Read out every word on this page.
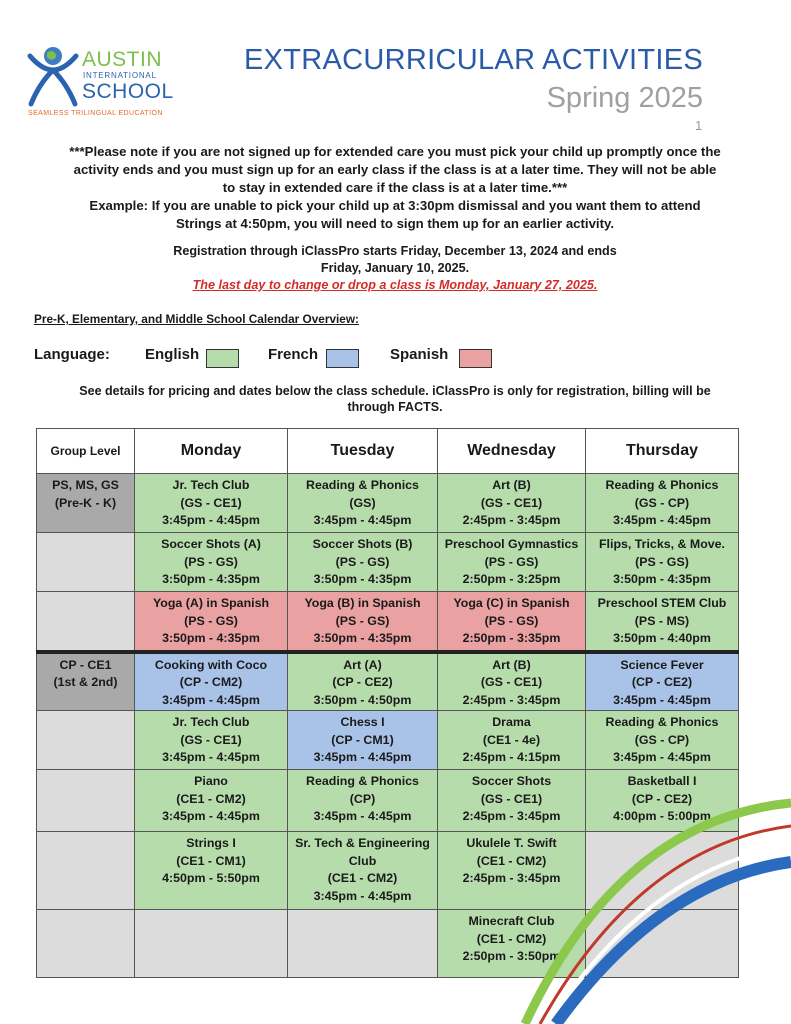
AUSTIN
INTERNATIONAL
SCHOOL
SEAMLESS TRILINGUAL EDUCATION
EXTRACURRICULAR ACTIVITIES
Spring 2025
1
***Please note if you are not signed up for extended care you must pick your child up promptly once the
activity ends and you must sign up for an early class if the class is at a later time. They will not be able
to stay in extended care if the class is at a later time.***
Example: If you are unable to pick your child up at 3:30pm dismissal and you want them to attend
Strings at 4:50pm, you will need to sign them up for an earlier activity.
Registration through iClassPro starts Friday, December 13, 2024 and ends
Friday, January 10, 2025.
The last day to change or drop a class is Monday, January 27, 2025.
Pre-K, Elementary, and Middle School Calendar Overview:
Language: English	French	Spanish
See details for pricing and dates below the class schedule. iClassPro is only for registration, billing will be
through FACTS.
Group Level	Monday	Tuesday	Wednesday	Thursday

PS, MS, GS
(Pre-K - K)	Jr. Tech Club
(GS - CE1)
3:45pm - 4:45pm	Reading & Phonics
(GS)
3:45pm - 4:45pm	Art (B)
(GS - CE1)
2:45pm - 3:45pm	Reading & Phonics
(GS - CP)
3:45pm - 4:45pm

	Soccer Shots (A)
(PS - GS)
3:50pm - 4:35pm	Soccer Shots (B)
(PS - GS)
3:50pm - 4:35pm	Preschool Gymnastics
(PS - GS)
2:50pm - 3:25pm	Flips, Tricks, & Move.
(PS - GS)
3:50pm - 4:35pm

	Yoga (A) in Spanish
(PS - GS)
3:50pm - 4:35pm	Yoga (B) in Spanish
(PS - GS)
3:50pm - 4:35pm	Yoga (C) in Spanish
(PS - GS)
2:50pm - 3:35pm	Preschool STEM Club
(PS - MS)
3:50pm - 4:40pm

CP - CE1
(1st & 2nd)	Cooking with Coco
(CP - CM2)
3:45pm - 4:45pm	Art (A)
(CP - CE2)
3:50pm - 4:50pm	Art (B)
(GS - CE1)
2:45pm - 3:45pm	Science Fever
(CP - CE2)
3:45pm - 4:45pm

	Jr. Tech Club
(GS - CE1)
3:45pm - 4:45pm	Chess I
(CP - CM1)
3:45pm - 4:45pm	Drama
(CE1 - 4e)
2:45pm - 4:15pm	Reading & Phonics
(GS - CP)
3:45pm - 4:45pm

	Piano
(CE1 - CM2)
3:45pm - 4:45pm	Reading & Phonics
(CP)
3:45pm - 4:45pm	Soccer Shots
(GS - CE1)
2:45pm - 3:45pm	Basketball I
(CP - CE2)
4:00pm - 5:00pm

	Strings I
(CE1 - CM1)
4:50pm - 5:50pm	Sr. Tech & Engineering
Club
(CE1 - CM2)
3:45pm - 4:45pm	Ukulele T. Swift
(CE1 - CM2)
2:45pm - 3:45pm	

			Minecraft Club
(CE1 - CM2)
2:50pm - 3:50pm	
